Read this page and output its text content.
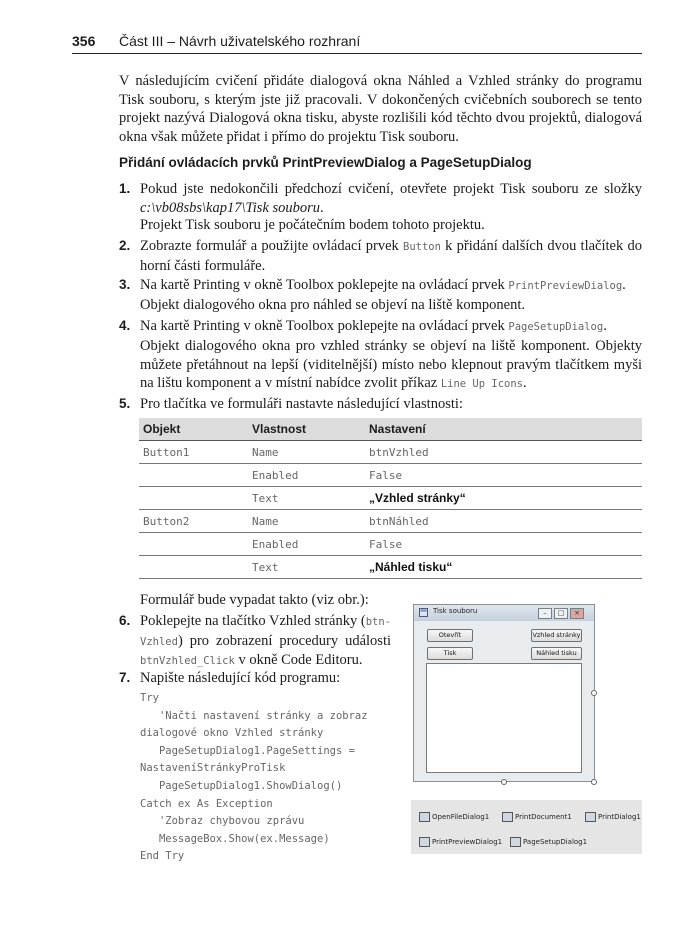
356 Část III – Návrh uživatelského rozhraní

V následujícím cvičení přidáte dialogová okna Náhled a Vzhled stránky do programu Tisk souboru, s kterým jste již pracovali. V dokončených cvičebních souborech se tento projekt nazývá Dialogová okna tisku, abyste rozlišili kód těchto dvou projektů, dialogová okna však můžete přidat i přímo do projektu Tisk souboru.

Přidání ovládacích prvků PrintPreviewDialog a PageSetupDialog
1. Pokud jste nedokončili předchozí cvičení, otevřete projekt Tisk souboru ze složky c:\vb08sbs\kap17\Tisk souboru.

Projekt Tisk souboru je počátečním bodem tohoto projektu.

2. Zobrazte formulář a použijte ovládací prvek Button k přidání dalších dvou tlačítek do horní části formuláře.

3. Na kartě Printing v okně Toolbox poklepejte na ovládací prvek PrintPreviewDialog.

Objekt dialogového okna pro náhled se objeví na liště komponent.

4. Na kartě Printing v okně Toolbox poklepejte na ovládací prvek PageSetupDialog.

Objekt dialogového okna pro vzhled stránky se objeví na liště komponent. Objekty můžete přetáhnout na lepší (viditelnější) místo nebo klepnout pravým tlačítkem myši na lištu komponent a v místní nabídce zvolit příkaz Line Up Icons.

5. Pro tlačítka ve formuláři nastavte následující vlastnosti:

Objekt	Vlastnost	Nastavení
Button1	Name	btnVzhled
	Enabled	False
	Text	„Vzhled stránky“
Button2	Name	btnNáhled
	Enabled	False
	Text	„Náhled tisku“

Formulář bude vypadat takto (viz obr.):

6. Poklepejte na tlačítko Vzhled stránky (btn-Vzhled) pro zobrazení procedury události btnVzhled_Click v okně Code Editoru.

7. Napište následující kód programu:

Try
'Načti nastavení stránky a zobraz
dialogové okno Vzhled stránky
PageSetupDialog1.PageSettings =
NastaveníStránkyProTisk
PageSetupDialog1.ShowDialog()
Catch ex As Exception
'Zobraz chybovou zprávu
MessageBox.Show(ex.Message)
End Try
Tisk souboru	–	□	×
Otevřít
Tisk
Vzhled stránky
Náhled tisku
OpenFileDialog1	PrintDocument1	PrintDialog1
PrintPreviewDialog1	PageSetupDialog1
